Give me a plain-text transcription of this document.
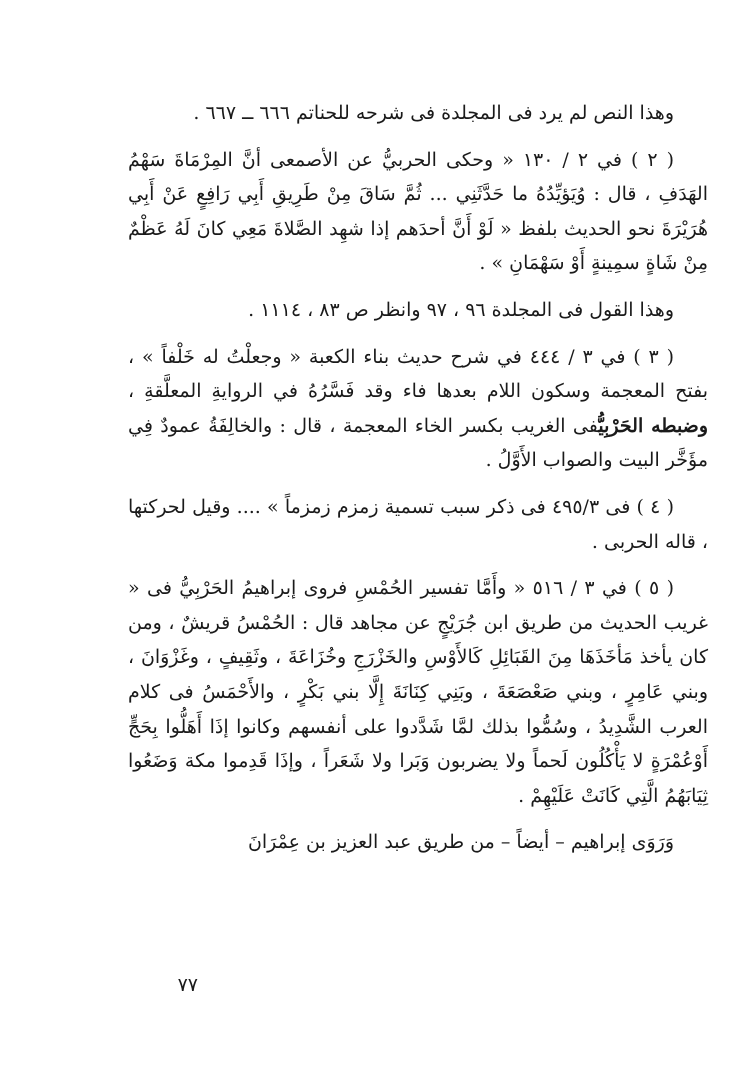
وهذا النص لم يرد فى المجلدة فى شرحه للحناتم ٦٦٦ ــ ٦٦٧ .

( ٢ ) في ٢ / ١٣٠ « وحكى الحربيُّ عن الأصمعى أنَّ المِرْمَاةَ سَهْمُ الهَدَفِ ، قال : وُيَؤيِّدُهُ ما حَدَّثَنِي ... ثُمَّ سَاقَ مِنْ طَرِيقِ أَبِي رَافِعٍ عَنْ أَبِي هُرَيْرَةَ نحو الحديث بلفظ « لَوْ أَنَّ أحدَهم إذا شهِد الصَّلاةَ مَعِي كانَ لَهُ عَظْمٌ مِنْ شَاةٍ سمِينةٍ أَوْ سَهْمَانِ » .

وهذا القول فى المجلدة ٩٦ ، ٩٧ وانظر ص ٨٣ ، ١١١٤ .

( ٣ ) في ٣ / ٤٤٤ في شرح حديث بناء الكعبة « وجعلْتُ له خَلْفاً » ، بفتح المعجمة وسكون اللام بعدها فاء وقد فَسَّرُهُ في الروايةِ المعلَّقةِ ، وضبطه الحَرْبِيُّفى الغريب بكسر الخاء المعجمة ، قال : والخالِفَةُ عمودٌ فِي مؤَخَّر البيت والصواب الأَوَّلُ .

( ٤ ) فى ٤٩٥/٣ فى ذكر سبب تسمية زمزم زمزماً » .... وقيل لحركتها ، قاله الحربى .

( ٥ ) في ٣ / ٥١٦ « وأَمَّا تفسير الحُمْسِ فروى إبراهيمُ الحَرْبِيُّ فى « غريب الحديث من طريق ابن جُرَيْجٍ عن مجاهد قال : الحُمْسُ قريشٌ ، ومن كان يأخذ مَأخَذَهَا مِنَ القَبَائِلِ كَالأَوْسِ والخَزْرَجِ وخُزَاعَةَ ، وثَقِيفٍ ، وغَزْوَانَ ، وبني عَامِرٍ ، وبني صَعْصَعَةَ ، وبَنِي كِنَانَةَ إِلَّا بني بَكْرٍ ، والأَحْمَسُ فى كلام العرب الشَّدِيدُ ، وسُمُّوا بذلك لمَّا شَدَّدوا على أنفسهم وكانوا إذَا أَهَلُّوا بِحَجٍّ أَوْعُمْرَةٍ لا يَأْكُلُون لَحماً ولا يضربون وَبَرا ولا شَعَراً ، وإذَا قَدِموا مكة وَضَعُوا ثِيَابَهُمُ الَّتِي كَانَتْ عَلَيْهِمْ .

وَرَوَى إبراهيم – أيضاً – من طريق عبد العزيز بن عِمْرَانَ

٧٧
